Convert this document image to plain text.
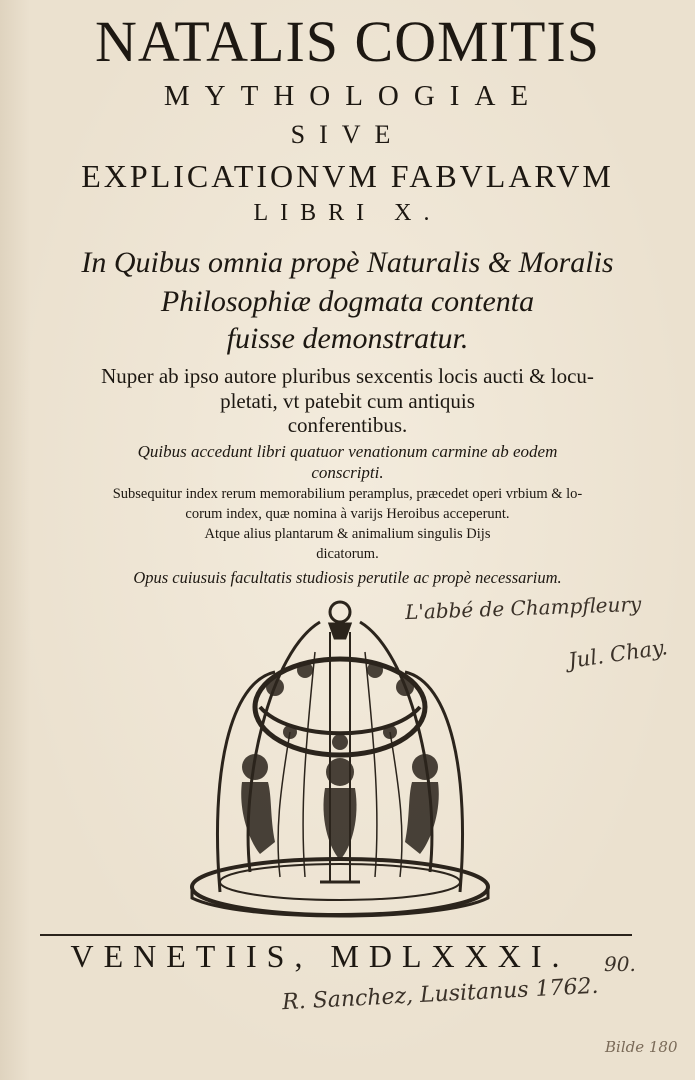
NATALIS COMITIS
MYTHOLOGIAE
SIVE
EXPLICATIONVM FABVLARVM
LIBRI X.
In Quibus omnia propè Naturalis & Moralis
Philosophiæ dogmata contenta
fuisse demonstratur.
Nuper ab ipso autore pluribus sexcentis locis aucti & locu-
pletati, vt patebit cum antiquis
conferentibus.
Quibus accedunt libri quatuor venationum carmine ab eodem
conscripti.
Subsequitur index rerum memorabilium peramplus, præcedet operi vrbium & lo-
corum index, quæ nomina à varijs Heroibus acceperunt.
Atque alius plantarum & animalium singulis Dijs
dicatorum.
Opus cuiusuis facultatis studiosis perutile ac propè necessarium.
L'abbé de Champfleury
Jul. Chay.
VENETIIS, MDLXXXI.	90.
R. Sanchez, Lusitanus 1762.
Bilde 180
